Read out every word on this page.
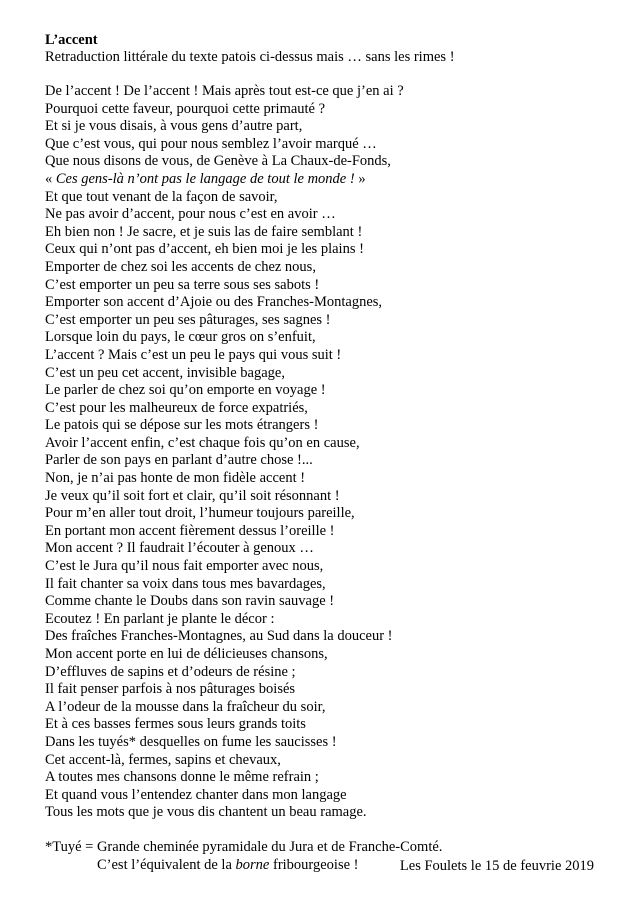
L’accent

Retraduction littérale du texte patois ci-dessus mais … sans les rimes !

De l’accent ! De l’accent ! Mais après tout est-ce que j’en ai ?
Pourquoi cette faveur, pourquoi cette primauté ?
Et si je vous disais, à vous gens d’autre part,
Que c’est vous, qui pour nous semblez l’avoir marqué …
Que nous disons de vous, de Genève à La Chaux-de-Fonds,
« Ces gens-là n’ont pas le langage de tout le monde ! »
Et que tout venant de la façon de savoir,
Ne pas avoir d’accent, pour nous c’est en avoir …
Eh bien non ! Je sacre, et je suis las de faire semblant !
Ceux qui n’ont pas d’accent, eh bien moi je les plains !
Emporter de chez soi les accents de chez nous,
C’est emporter un peu sa terre sous ses sabots !
Emporter son accent d’Ajoie ou des Franches-Montagnes,
C’est emporter un peu ses pâturages, ses sagnes !
Lorsque loin du pays, le cœur gros on s’enfuit,
L’accent ? Mais c’est un peu le pays qui vous suit !
C’est un peu cet accent, invisible bagage,
Le parler de chez soi qu’on emporte en voyage !
C’est pour les malheureux de force expatriés,
Le patois qui se dépose sur les mots étrangers !
Avoir l’accent enfin, c’est chaque fois qu’on en cause,
Parler de son pays en parlant d’autre chose !...
Non, je n’ai pas honte de mon fidèle accent !
Je veux qu’il soit fort et clair, qu’il soit résonnant !
Pour m’en aller tout droit, l’humeur toujours pareille,
En portant mon accent fièrement dessus l’oreille !
Mon accent ? Il faudrait l’écouter à genoux …
C’est le Jura qu’il nous fait emporter avec nous,
Il fait chanter sa voix dans tous mes bavardages,
Comme chante le Doubs dans son ravin sauvage !
Ecoutez ! En parlant je plante le décor :
Des fraîches Franches-Montagnes, au Sud dans la douceur !
Mon accent porte en lui de délicieuses chansons,
D’effluves de sapins et d’odeurs de résine ;
Il fait penser parfois à nos pâturages boisés
A l’odeur de la mousse dans la fraîcheur du soir,
Et à ces basses fermes sous leurs grands toits
Dans les tuyés* desquelles on fume les saucisses !
Cet accent-là, fermes, sapins et chevaux,
A toutes mes chansons donne le même refrain ;
Et quand vous l’entendez chanter dans mon langage
Tous les mots que je vous dis chantent un beau ramage.
*Tuyé = Grande cheminée pyramidale du Jura et de Franche-Comté.
C’est l’équivalent de la borne fribourgeoise !	Les Foulets le 15 de feuvrie 2019
